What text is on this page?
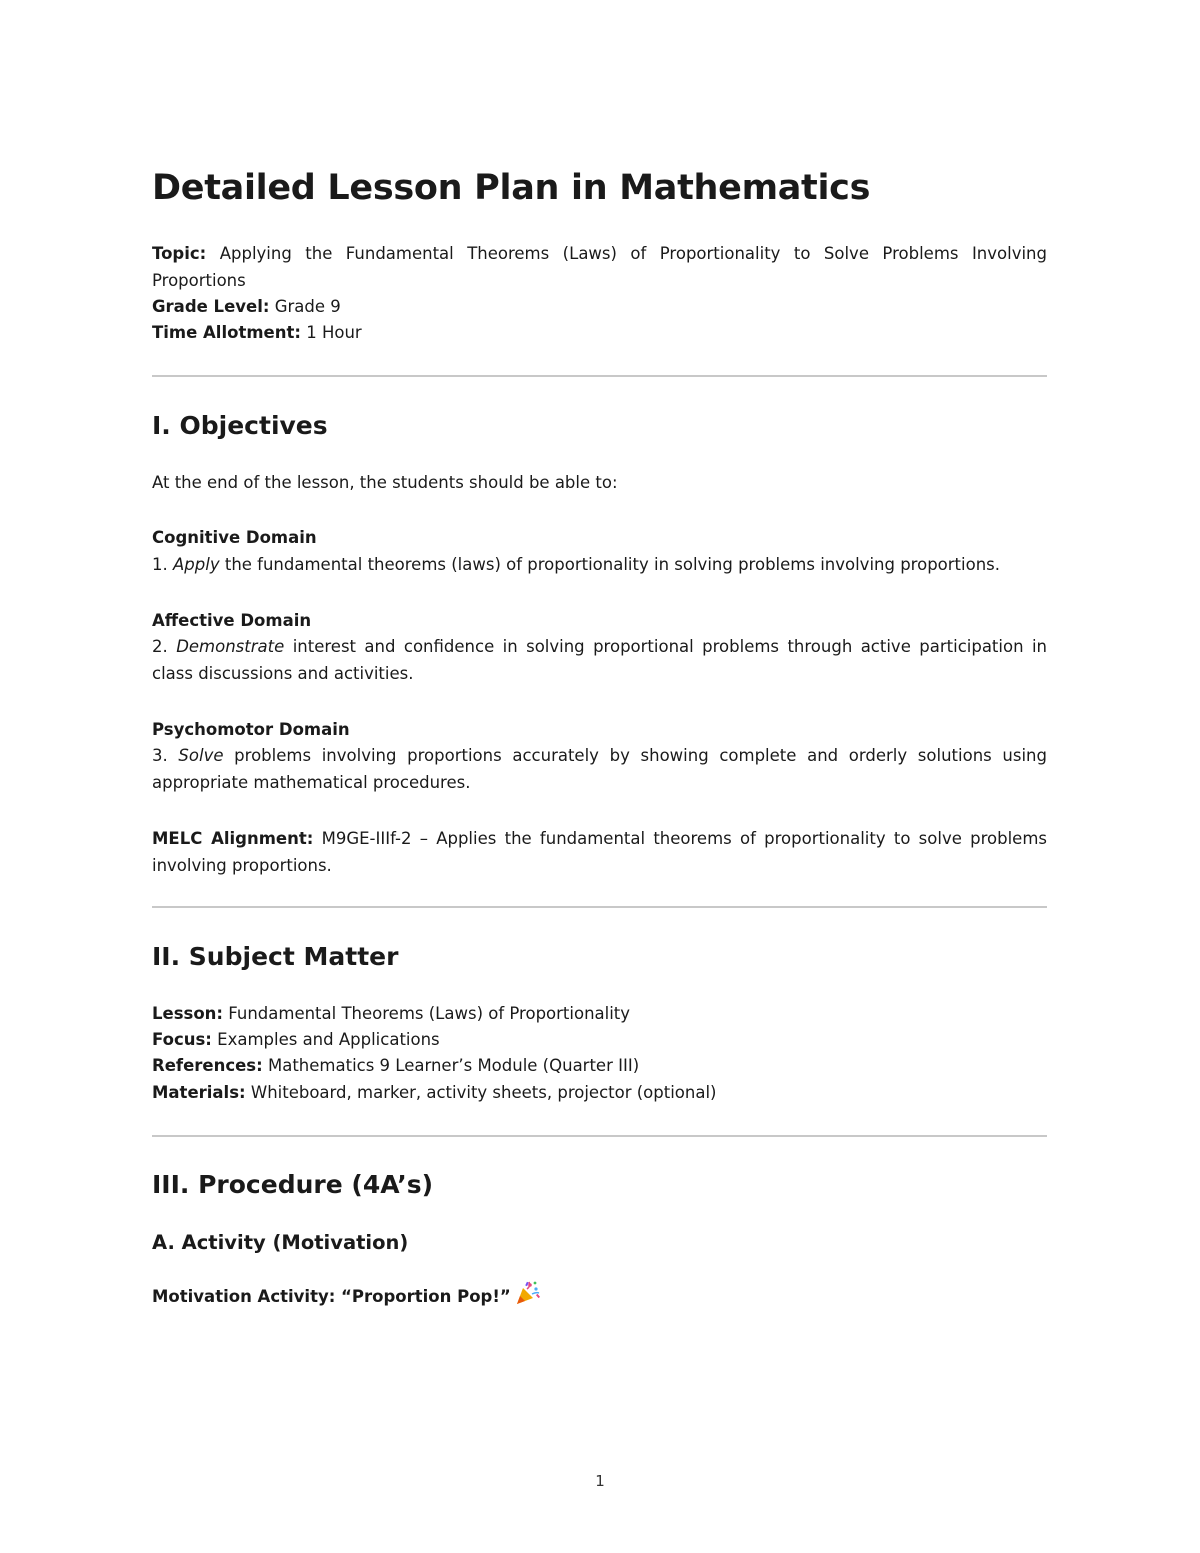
Detailed Lesson Plan in Mathematics

Topic: Applying the Fundamental Theorems (Laws) of Proportionality to Solve Problems Involving Proportions

Grade Level: Grade 9

Time Allotment: 1 Hour

I. Objectives

At the end of the lesson, the students should be able to:

Cognitive Domain

1. Apply the fundamental theorems (laws) of proportionality in solving problems involving proportions.

Affective Domain

2. Demonstrate interest and confidence in solving proportional problems through active participation in class discussions and activities.

Psychomotor Domain

3. Solve problems involving proportions accurately by showing complete and orderly solutions using appropriate mathematical procedures.

MELC Alignment: M9GE-IIIf-2 – Applies the fundamental theorems of proportionality to solve problems involving proportions.

II. Subject Matter

Lesson: Fundamental Theorems (Laws) of Proportionality

Focus: Examples and Applications

References: Mathematics 9 Learner’s Module (Quarter III)

Materials: Whiteboard, marker, activity sheets, projector (optional)

III. Procedure (4A’s)
A. Activity (Motivation)

Motivation Activity: “Proportion Pop!”

1
